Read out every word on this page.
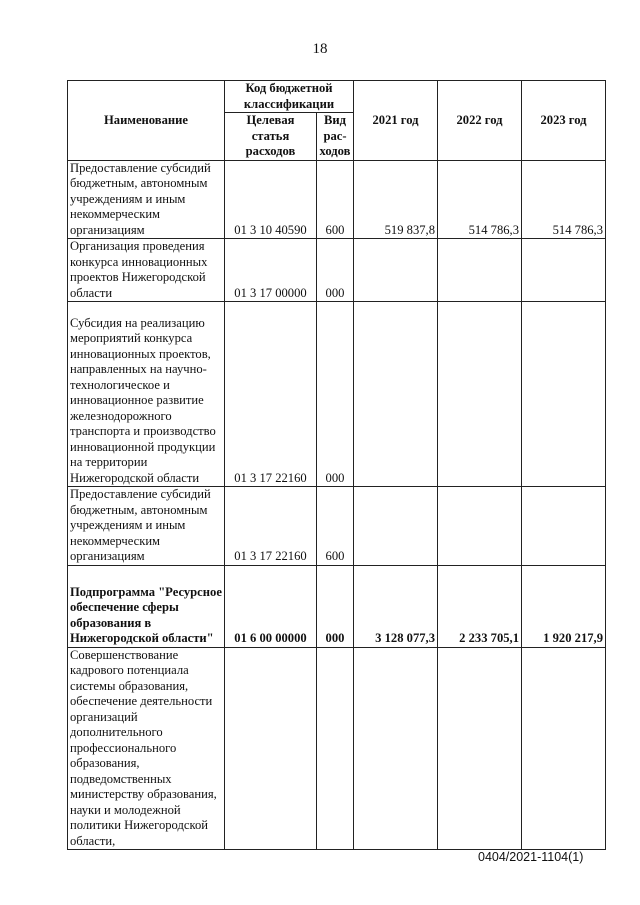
18
Наименование	Код бюджетной классификации		2021 год	2022 год	2023 год
	Целевая статья расходов	Вид рас-ходов			
Предоставление субсидий бюджетным, автономным учреждениям и иным некоммерческим организациям	01 3 10 40590	600	519 837,8	514 786,3	514 786,3
Организация проведения конкурса инновационных проектов Нижегородской области	01 3 17 00000	000			
Субсидия на реализацию мероприятий конкурса инновационных проектов, направленных на научно-технологическое и инновационное развитие железнодорожного транспорта и производство инновационной продукции на территории Нижегородской области	01 3 17 22160	000			
Предоставление субсидий бюджетным, автономным учреждениям и иным некоммерческим организациям	01 3 17 22160	600			
Подпрограмма "Ресурсное обеспечение сферы образования в Нижегородской области"	01 6 00 00000	000	3 128 077,3	2 233 705,1	1 920 217,9
Совершенствование кадрового потенциала системы образования, обеспечение деятельности организаций дополнительного профессионального образования, подведомственных министерству образования, науки и молодежной политики Нижегородской области,					
0404/2021-1104(1)
